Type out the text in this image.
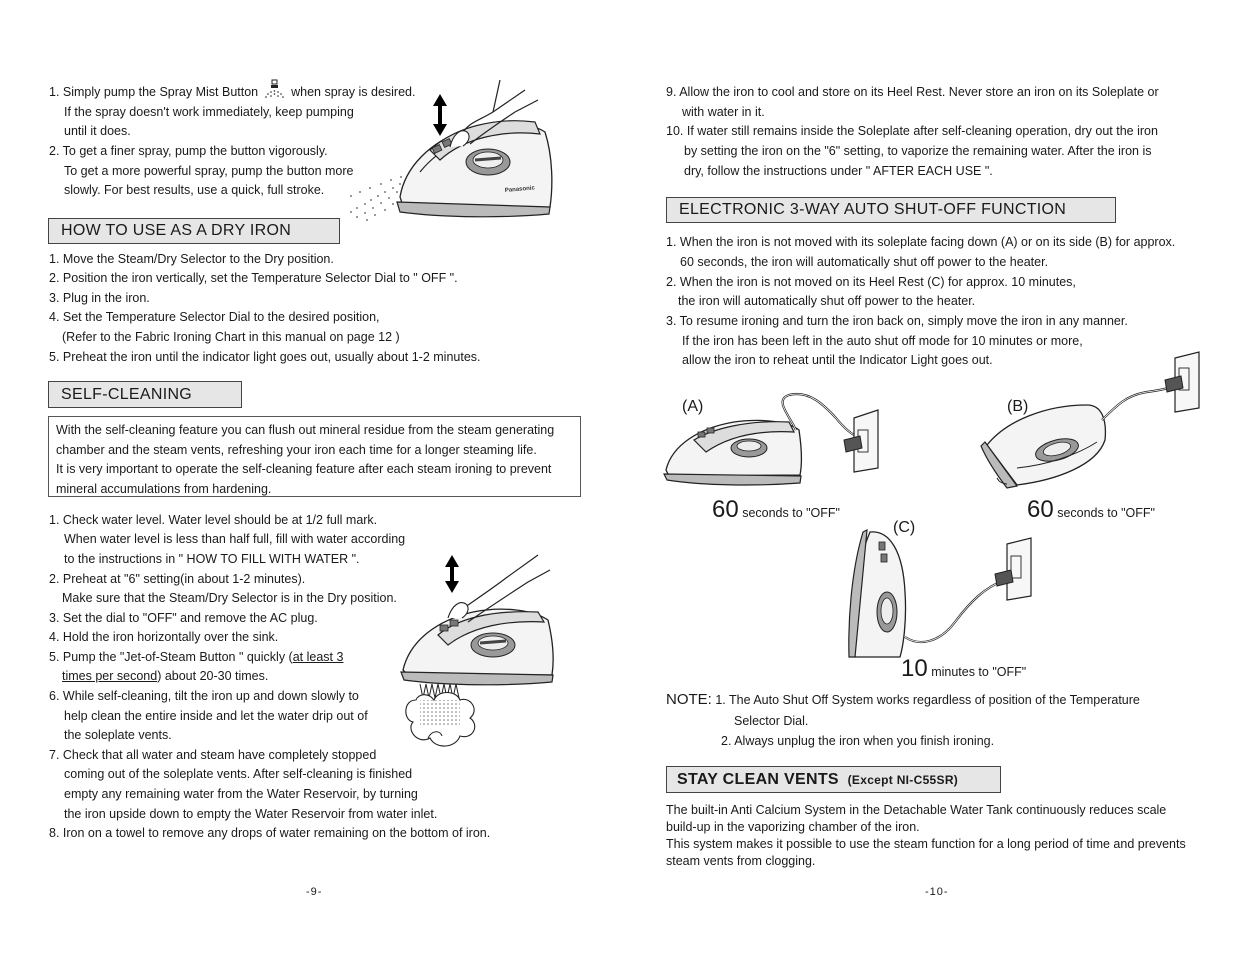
1. Simply pump the Spray Mist Button	when spray is desired.
If the spray doesn't work immediately, keep pumping
until it does.
2. To get a finer spray, pump the button vigorously.
To get a more powerful spray, pump the button more
slowly. For best results, use a quick, full stroke.	Panasonic
HOW TO USE AS A DRY IRON
1. Move the Steam/Dry Selector to the Dry position.
2. Position the iron vertically, set the Temperature Selector Dial to " OFF ".
3. Plug in the iron.
4. Set the Temperature Selector Dial to the desired position,
(Refer to the Fabric Ironing Chart in this manual on page 12 )
5. Preheat the iron until the indicator light goes out, usually about 1-2 minutes.
SELF-CLEANING
With the self-cleaning feature you can flush out mineral residue from the steam generating
chamber and the steam vents, refreshing your iron each time for a longer steaming life.
It is very important to operate the self-cleaning feature after each steam ironing to prevent
mineral accumulations from hardening.
1. Check water level. Water level should be at 1/2 full mark.
When water level is less than half full, fill with water according
to the instructions in " HOW TO FILL WITH WATER ".
2. Preheat at "6" setting(in about 1-2 minutes).
Make sure that the Steam/Dry Selector is in the Dry position.
3. Set the dial to "OFF" and remove the AC plug.
4. Hold the iron horizontally over the sink.
5. Pump the "Jet-of-Steam Button " quickly (at least 3
times per second) about 20-30 times.
6. While self-cleaning, tilt the iron up and down slowly to
help clean the entire inside and let the water drip out of
the soleplate vents.
7. Check that all water and steam have completely stopped
coming out of the soleplate vents. After self-cleaning is finished
empty any remaining water from the Water Reservoir, by turning
the iron upside down to empty the Water Reservoir from water inlet.
8. Iron on a towel to remove any drops of water remaining on the bottom of iron.
-9-
9. Allow the iron to cool and store on its Heel Rest. Never store an iron on its Soleplate or
with water in it.
10. If water still remains inside the Soleplate after self-cleaning operation, dry out the iron
by setting the iron on the "6" setting, to vaporize the remaining water. After the iron is
dry, follow the instructions under " AFTER EACH USE ".
ELECTRONIC 3-WAY AUTO SHUT-OFF FUNCTION
1. When the iron is not moved with its soleplate facing down (A) or on its side (B) for approx.
60 seconds, the iron will automatically shut off power to the heater.
2. When the iron is not moved on its Heel Rest (C) for approx. 10 minutes,
the iron will automatically shut off power to the heater.
3. To resume ironing and turn the iron back on, simply move the iron in any manner.
If the iron has been left in the auto shut off mode for 10 minutes or more,
allow the iron to reheat until the Indicator Light goes out.
(A)
60 seconds to "OFF"
(B)
60 seconds to "OFF"
(C)
10 minutes to "OFF"
NOTE: 1. The Auto Shut Off System works regardless of position of the Temperature
Selector Dial.
2. Always unplug the iron when you finish ironing.
STAY CLEAN VENTS (Except NI-C55SR)
The built-in Anti Calcium System in the Detachable Water Tank continuously reduces scale
build-up in the vaporizing chamber of the iron.
This system makes it possible to use the steam function for a long period of time and prevents
steam vents from clogging.
-10-
